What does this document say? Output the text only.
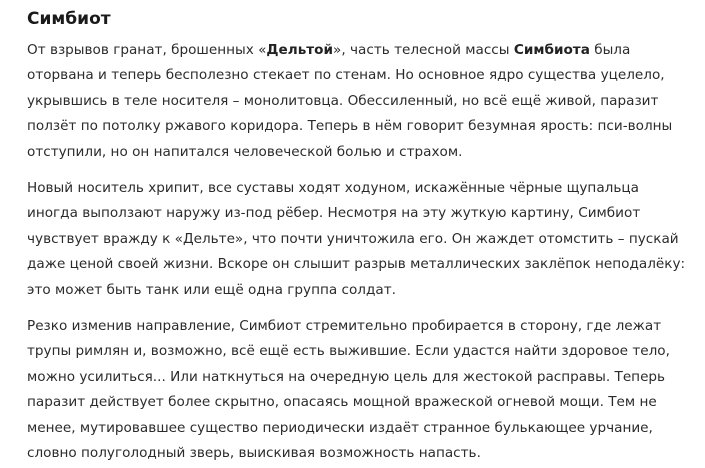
Симбиот

От взрывов гранат, брошенных «Дельтой», часть телесной массы Симбиота была оторвана и теперь бесполезно стекает по стенам. Но основное ядро существа уцелело, укрывшись в теле носителя – монолитовца. Обессиленный, но всё ещё живой, паразит ползёт по потолку ржавого коридора. Теперь в нём говорит безумная ярость: пси-волны отступили, но он напитался человеческой болью и страхом.

Новый носитель хрипит, все суставы ходят ходуном, искажённые чёрные щупальца иногда выползают наружу из-под рёбер. Несмотря на эту жуткую картину, Симбиот чувствует вражду к «Дельте», что почти уничтожила его. Он жаждет отомстить – пускай даже ценой своей жизни. Вскоре он слышит разрыв металлических заклёпок неподалёку: это может быть танк или ещё одна группа солдат.

Резко изменив направление, Симбиот стремительно пробирается в сторону, где лежат трупы римлян и, возможно, всё ещё есть выжившие. Если удастся найти здоровое тело, можно усилиться... Или наткнуться на очередную цель для жестокой расправы. Теперь паразит действует более скрытно, опасаясь мощной вражеской огневой мощи. Тем не менее, мутировавшее существо периодически издаёт странное булькающее урчание, словно полуголодный зверь, выискивая возможность напасть.
